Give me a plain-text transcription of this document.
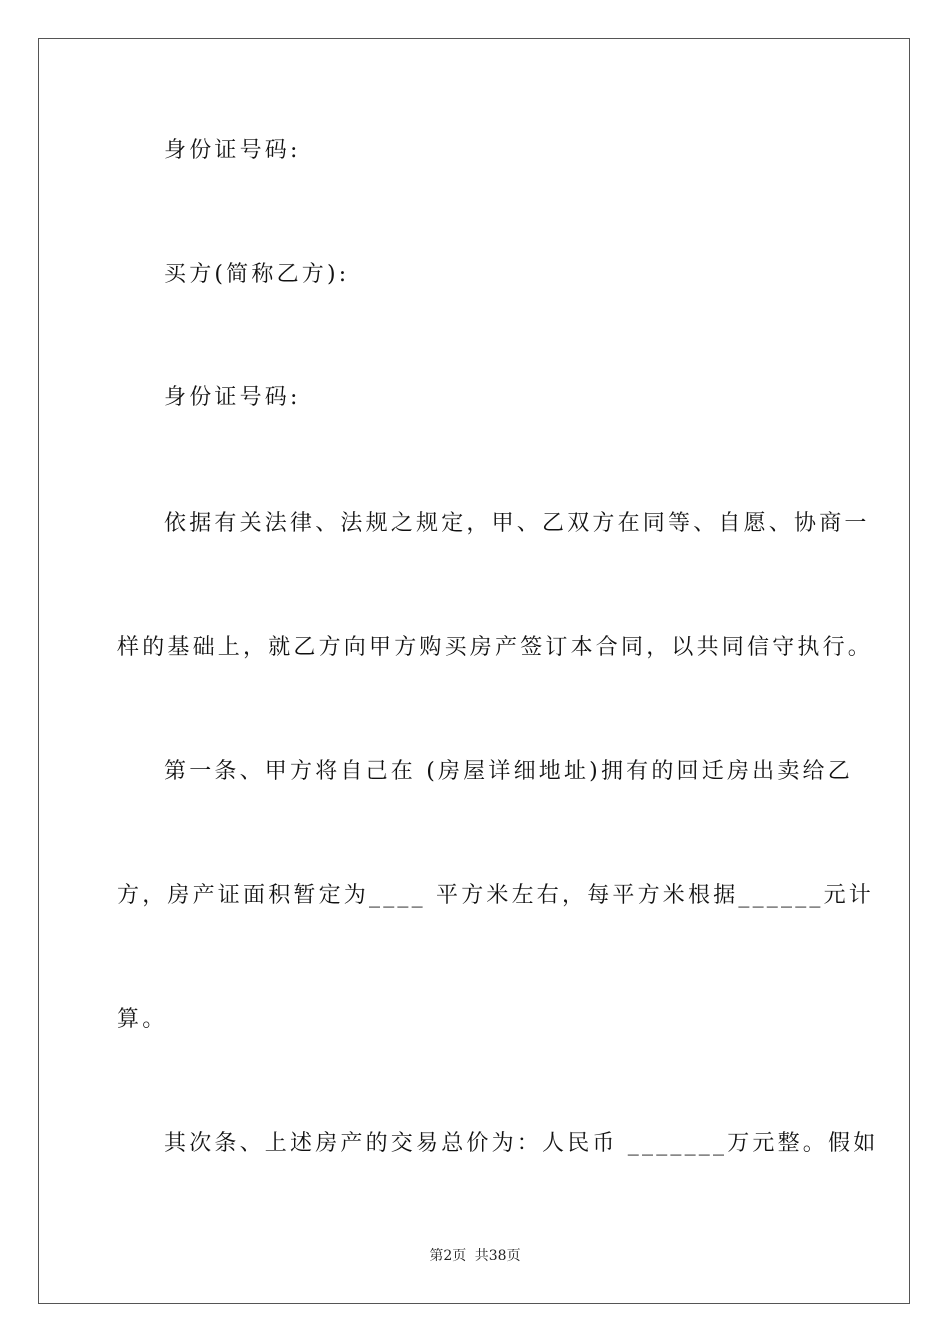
身份证号码:
买方(简称乙方):
身份证号码:
依据有关法律、法规之规定，甲、乙双方在同等、自愿、协商一
样的基础上，就乙方向甲方购买房产签订本合同，以共同信守执行。
第一条、甲方将自己在 (房屋详细地址)拥有的回迁房出卖给乙
方，房产证面积暂定为____ 平方米左右，每平方米根据______元计
算。
其次条、上述房产的交易总价为：人民币 _______万元整。假如
第2页 共38页
